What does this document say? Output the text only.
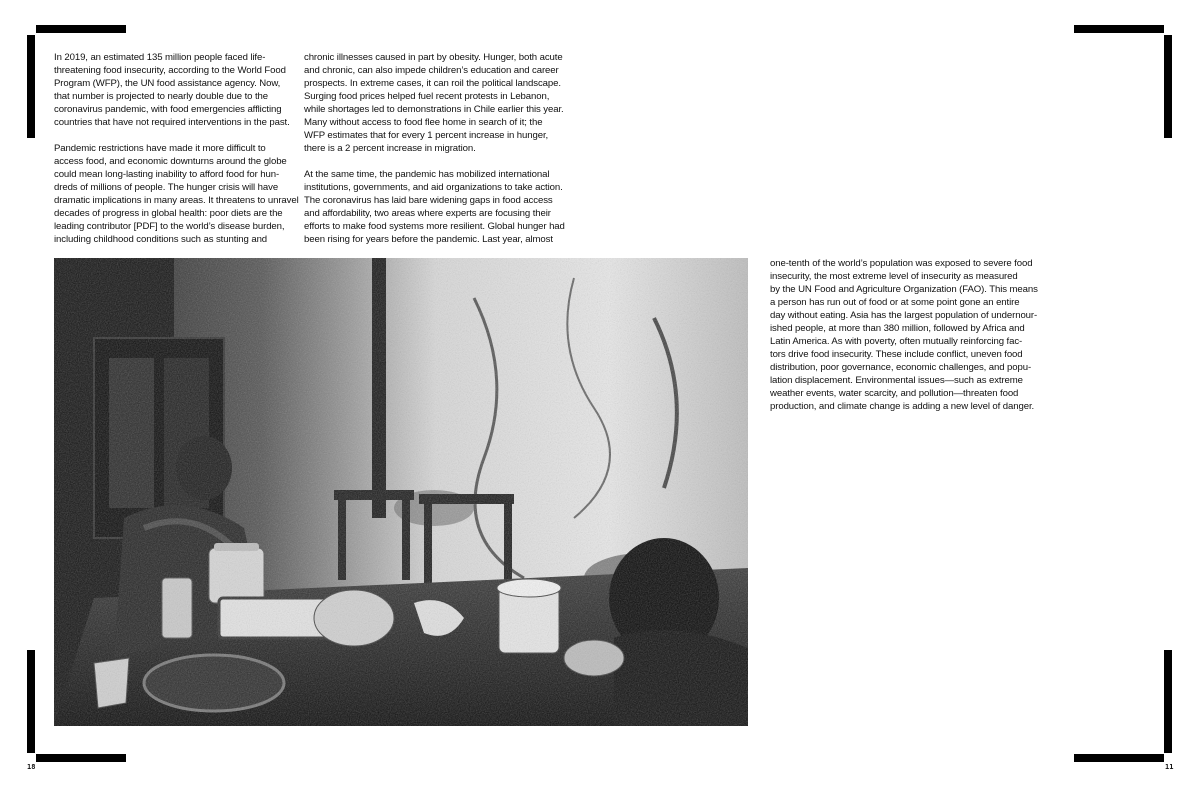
In 2019, an estimated 135 million people faced life-
threatening food insecurity, according to the World Food
Program (WFP), the UN food assistance agency. Now,
that number is projected to nearly double due to the
coronavirus pandemic, with food emergencies afflicting
countries that have not required interventions in the past.

Pandemic restrictions have made it more difficult to
access food, and economic downturns around the globe
could mean long-lasting inability to afford food for hun-
dreds of millions of people. The hunger crisis will have
dramatic implications in many areas. It threatens to unravel
decades of progress in global health: poor diets are the
leading contributor [PDF] to the world’s disease burden,
including childhood conditions such as stunting and

chronic illnesses caused in part by obesity. Hunger, both acute
and chronic, can also impede children’s education and career
prospects. In extreme cases, it can roil the political landscape.
Surging food prices helped fuel recent protests in Lebanon,
while shortages led to demonstrations in Chile earlier this year.
Many without access to food flee home in search of it; the
WFP estimates that for every 1 percent increase in hunger,
there is a 2 percent increase in migration.

At the same time, the pandemic has mobilized international
institutions, governments, and aid organizations to take action.
The coronavirus has laid bare widening gaps in food access
and affordability, two areas where experts are focusing their
efforts to make food systems more resilient. Global hunger had
been rising for years before the pandemic. Last year, almost

one-tenth of the world’s population was exposed to severe food
insecurity, the most extreme level of insecurity as measured
by the UN Food and Agriculture Organization (FAO). This means
a person has run out of food or at some point gone an entire
day without eating. Asia has the largest population of undernour-
ished people, at more than 380 million, followed by Africa and
Latin America. As with poverty, often mutually reinforcing fac-
tors drive food insecurity. These include conflict, uneven food
distribution, poor governance, economic challenges, and popu-
lation displacement. Environmental issues—such as extreme
weather events, water scarcity, and pollution—threaten food
production, and climate change is adding a new level of danger.

18	11
